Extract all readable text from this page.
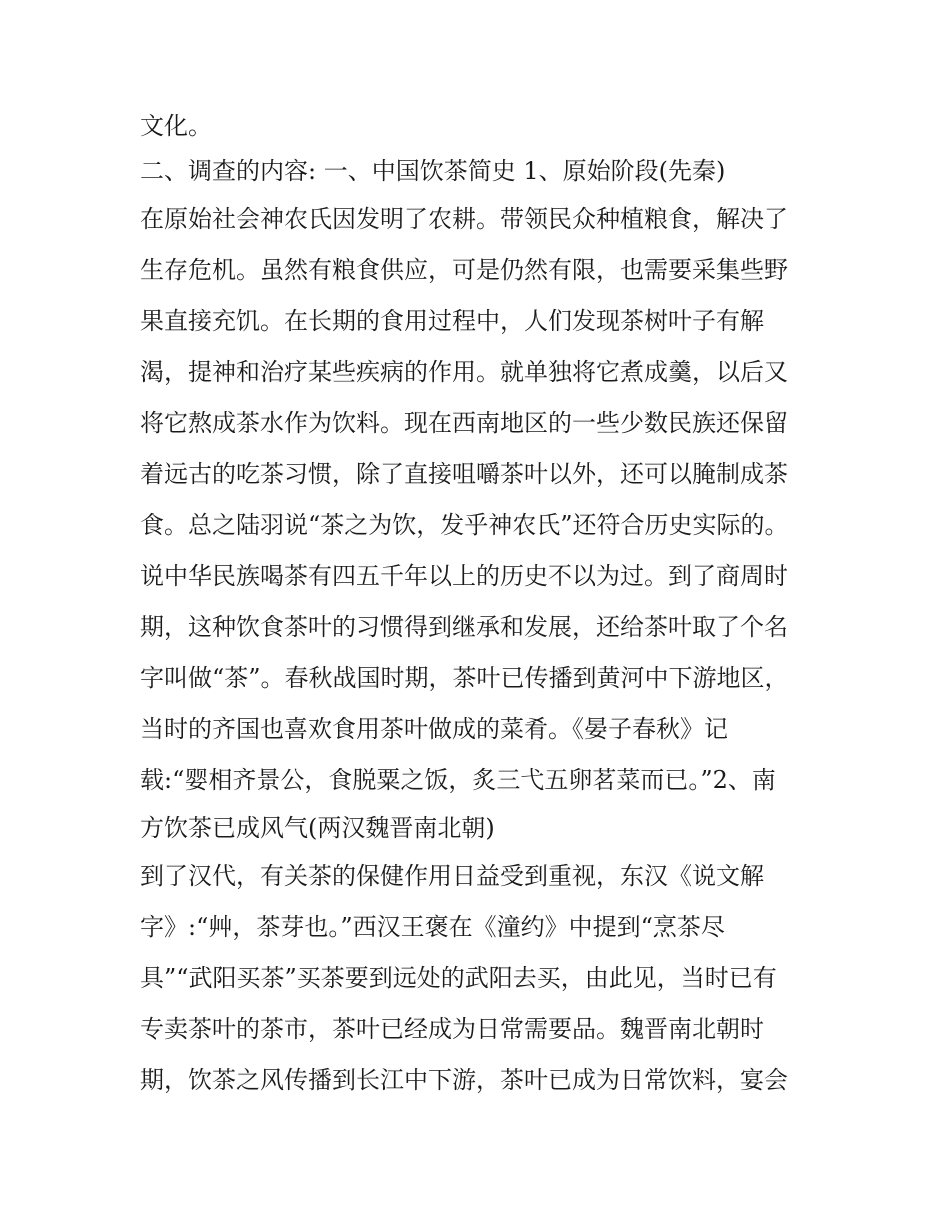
文化。
二、调查的内容: 一、中国饮茶简史 1、原始阶段(先秦)
在原始社会神农氏因发明了农耕。带领民众种植粮食，解决了
生存危机。虽然有粮食供应，可是仍然有限，也需要采集些野
果直接充饥。在长期的食用过程中，人们发现茶树叶子有解
渴，提神和治疗某些疾病的作用。就单独将它煮成羹，以后又
将它熬成茶水作为饮料。现在西南地区的一些少数民族还保留
着远古的吃茶习惯，除了直接咀嚼茶叶以外，还可以腌制成茶
食。总之陆羽说“茶之为饮，发乎神农氏”还符合历史实际的。
说中华民族喝茶有四五千年以上的历史不以为过。到了商周时
期，这种饮食茶叶的习惯得到继承和发展，还给茶叶取了个名
字叫做“茶”。春秋战国时期，茶叶已传播到黄河中下游地区，
当时的齐国也喜欢食用茶叶做成的菜肴。《晏子春秋》记
载:“婴相齐景公，食脱粟之饭，炙三弋五卵茗菜而已。”2、南
方饮茶已成风气(两汉魏晋南北朝)
到了汉代，有关茶的保健作用日益受到重视，东汉《说文解
字》:“艸，茶芽也。”西汉王褒在《潼约》中提到“烹茶尽
具”“武阳买茶”买茶要到远处的武阳去买，由此见，当时已有
专卖茶叶的茶市，茶叶已经成为日常需要品。魏晋南北朝时
期，饮茶之风传播到长江中下游，茶叶已成为日常饮料，宴会
